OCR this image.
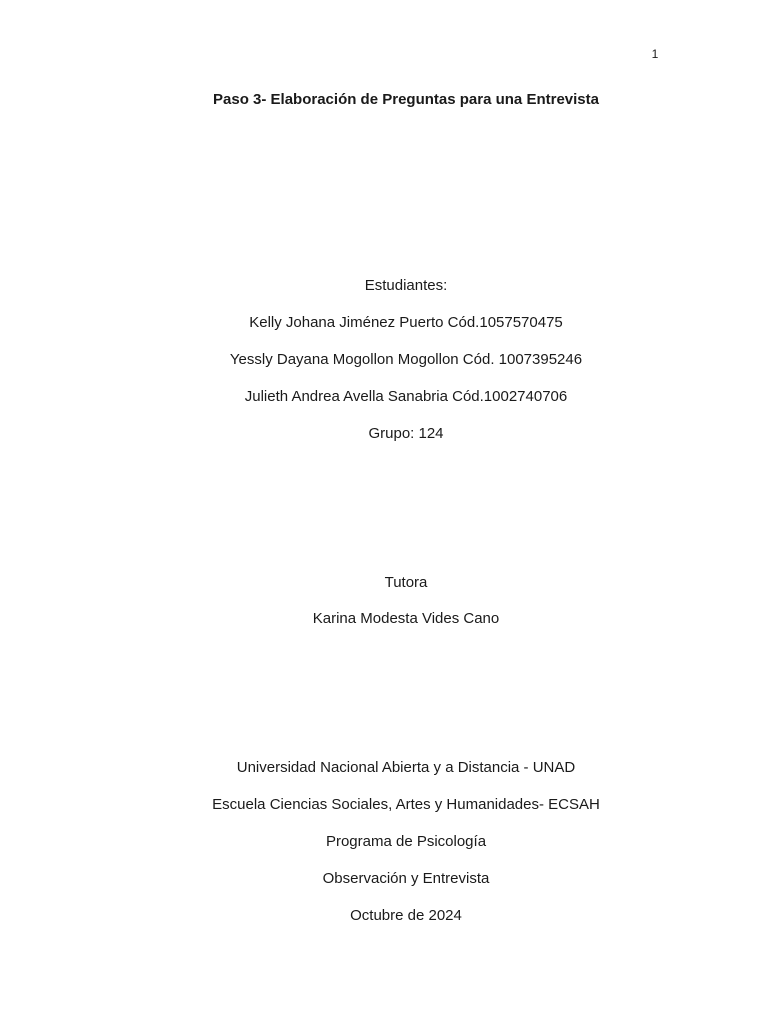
1
Paso 3- Elaboración de Preguntas para una Entrevista
Estudiantes:
Kelly Johana Jiménez Puerto Cód.1057570475
Yessly Dayana Mogollon Mogollon Cód. 1007395246
Julieth Andrea Avella Sanabria Cód.1002740706
Grupo: 124
Tutora
Karina Modesta Vides Cano
Universidad Nacional Abierta y a Distancia - UNAD
Escuela Ciencias Sociales, Artes y Humanidades- ECSAH
Programa de Psicología
Observación y Entrevista
Octubre de 2024
